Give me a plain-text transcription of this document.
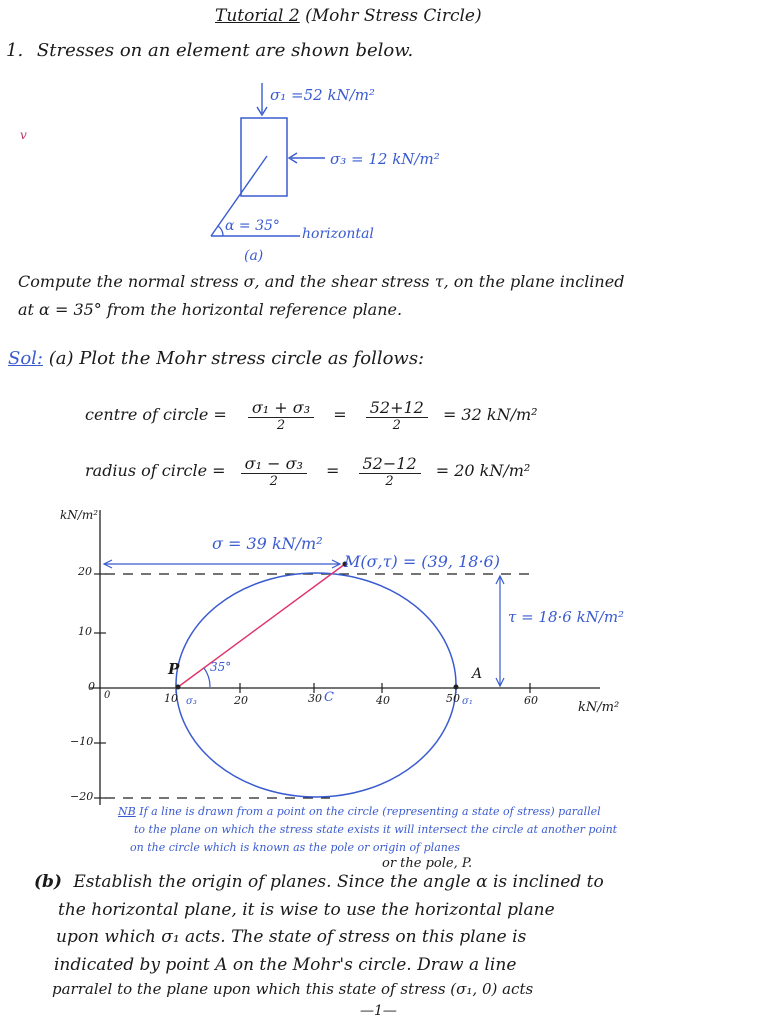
Tutorial 2 (Mohr Stress Circle)
1. Stresses on an element are shown below.
v
σ₁ =52 kN/m²
σ₃ = 12 kN/m²
α = 35° horizontal
(a)
Compute the normal stress σ, and the shear stress τ, on the plane inclined
at α = 35° from the horizontal reference plane.
Sol: (a) Plot the Mohr stress circle as follows:
centre of circle = $\frac{\text{σ₁ + σ₃}}{2} = \frac{52+12}{2} = 32$ kN/m²
radius of circle = $\frac{\text{σ₁ − σ₃}}{2} = \frac{52-12}{2} = 20$ kN/m²
kN/m²
kN/m²
20
10
0
−10
−20
0	10	20	30	40	50	60
σ = 39 kN/m²
M(σ,τ) = (39, 18·6)
τ = 18·6 kN/m²
35°
P	A
C
σ₃	σ₁
NB If a line is drawn from a point on the circle (representing a state of stress) parallel
to the plane on which the stress state exists it will intersect the circle at another point
on the circle which is known as the pole or origin of planes
or the pole, P.
(b) Establish the origin of planes. Since the angle α is inclined to
the horizontal plane, it is wise to use the horizontal plane
upon which σ₁ acts. The state of stress on this plane is
indicated by point A on the Mohr's circle. Draw a line
parralel to the plane upon which this state of stress (σ₁, 0) acts
—1—
